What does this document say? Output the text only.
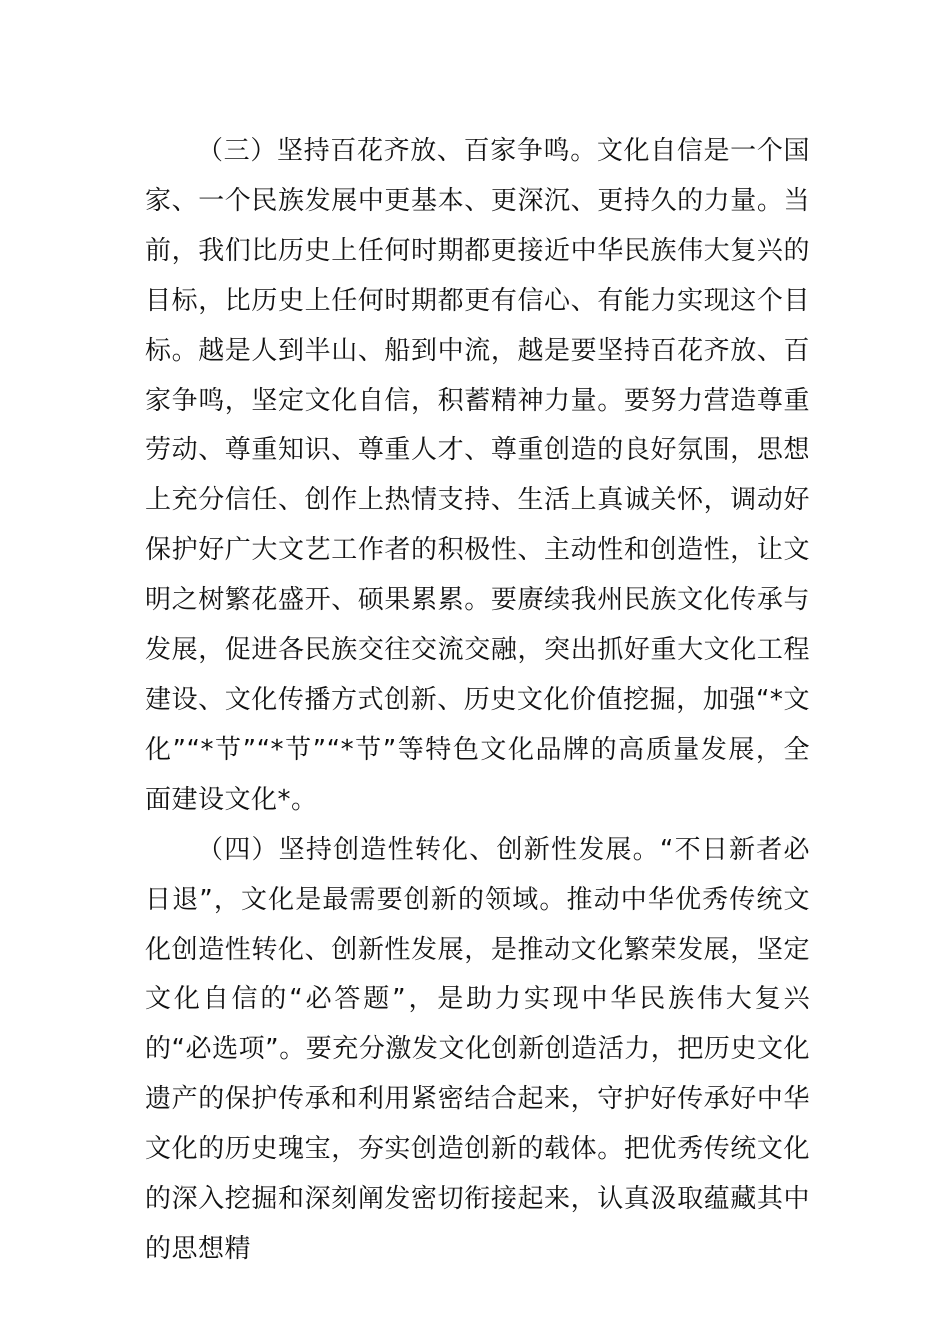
（三）坚持百花齐放、百家争鸣。文化自信是一个国家、一个民族发展中更基本、更深沉、更持久的力量。当前，我们比历史上任何时期都更接近中华民族伟大复兴的目标，比历史上任何时期都更有信心、有能力实现这个目标。越是人到半山、船到中流，越是要坚持百花齐放、百家争鸣，坚定文化自信，积蓄精神力量。要努力营造尊重劳动、尊重知识、尊重人才、尊重创造的良好氛围，思想上充分信任、创作上热情支持、生活上真诚关怀，调动好保护好广大文艺工作者的积极性、主动性和创造性，让文明之树繁花盛开、硕果累累。要赓续我州民族文化传承与发展，促进各民族交往交流交融，突出抓好重大文化工程建设、文化传播方式创新、历史文化价值挖掘，加强“*文化”“*节”“*节”“*节”等特色文化品牌的高质量发展，全面建设文化*。

（四）坚持创造性转化、创新性发展。“不日新者必日退”，文化是最需要创新的领域。推动中华优秀传统文化创造性转化、创新性发展，是推动文化繁荣发展，坚定文化自信的“必答题”，是助力实现中华民族伟大复兴的“必选项”。要充分激发文化创新创造活力，把历史文化遗产的保护传承和利用紧密结合起来，守护好传承好中华文化的历史瑰宝，夯实创造创新的载体。把优秀传统文化的深入挖掘和深刻阐发密切衔接起来，认真汲取蕴藏其中的思想精
